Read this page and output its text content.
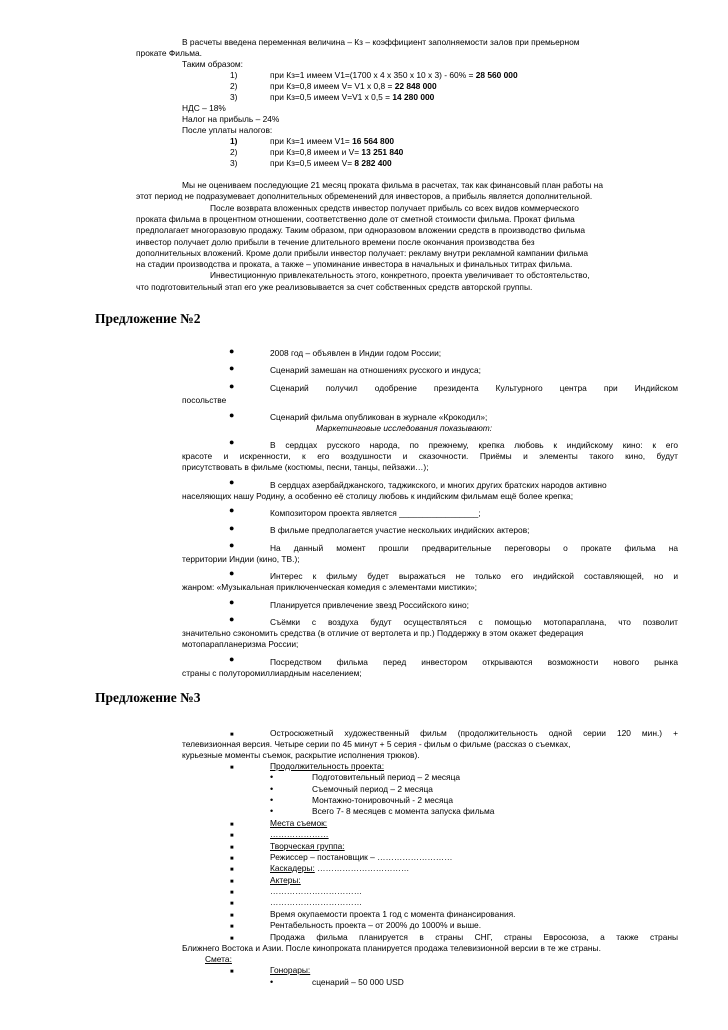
В расчеты введена переменная величина – Кз – коэффициент заполняемости залов при премьерном
прокате Фильма.
Таким образом:
1)	при Кз=1 имеем V1=(1700 х 4 х 350 х 10 х 3) - 60% = 28 560 000
2)	при Кз=0,8 имеем V= V1 х 0,8 = 22 848 000
3)	при Кз=0,5 имеем V=V1 х 0,5 = 14 280 000
НДС – 18%
Налог на прибыль – 24%
После уплаты налогов:
1)	при Кз=1 имеем V1= 16 564 800
2)	при Кз=0,8 имеем и V= 13 251 840
3)	при Кз=0,5 имеем V= 8 282 400
Мы не оцениваем последующие 21 месяц проката фильма в расчетах, так как финансовый план работы на
этот период не подразумевает дополнительных обременений для инвесторов, а прибыль является дополнительной.
После возврата вложенных средств инвестор получает прибыль со всех видов коммерческого
проката фильма в процентном отношении, соответственно доле от сметной стоимости фильма. Прокат фильма
предполагает многоразовую продажу. Таким образом, при одноразовом вложении средств в производство фильма
инвестор получает долю прибыли в течение длительного времени после окончания производства без
дополнительных вложений. Кроме доли прибыли инвестор получает: рекламу внутри рекламной кампании фильма
на стадии производства и проката, а также – упоминание инвестора в начальных и финальных титрах фильма.
Инвестиционную привлекательность этого, конкретного, проекта увеличивает то обстоятельство,
что подготовительный этап его уже реализовывается за счет собственных средств авторской группы.
Предложение №2
●	2008 год – объявлен в Индии годом России;
●	Сценарий замешан на отношениях русского и индуса;
●	Сценарий получил одобрение президента Культурного центра при Индийском
посольстве
●	Сценарий фильма опубликован в журнале «Крокодил»;
Маркетинговые исследования показывают:
●	В сердцах русского народа, по прежнему, крепка любовь к индийскому кино: к его
красоте и искренности, к его воздушности и сказочности. Приёмы и элементы такого кино, будут
присутствовать в фильме (костюмы, песни, танцы, пейзажи…);
●	В сердцах азербайджанского, таджикского, и многих других братских народов активно
населяющих нашу Родину, а особенно её столицу любовь к индийским фильмам ещё более крепка;
●	Композитором проекта является _________________;
●	В фильме предполагается участие нескольких индийских актеров;
●	На данный момент прошли предварительные переговоры о прокате фильма на
территории Индии (кино, ТВ.);
●	Интерес к фильму будет выражаться не только его индийской составляющей, но и
жанром: «Музыкальная приключенческая комедия с элементами мистики»;
●	Планируется привлечение звезд Российского кино;
●	Съёмки с воздуха будут осуществляться с помощью мотопараплана, что позволит
значительно сэкономить средства (в отличие от вертолета и пр.) Поддержку в этом окажет федерация
мотопарапланеризма России;
●	Посредством фильма перед инвестором открываются возможности нового рынка
страны с полуторомиллиардным населением;
Предложение №3
■	Остросюжетный художественный фильм (продолжительность одной серии 120 мин.) +
телевизионная версия. Четыре серии по 45 минут + 5 серия - фильм о фильме (рассказ о съемках,
курьезные моменты съемок, раскрытие исполнения трюков).
■	Продолжительность проекта:
•	Подготовительный период – 2 месяца
•	Съемочный период – 2 месяца
•	Монтажно-тонировочный - 2 месяца
•	Всего 7- 8 месяцев с момента запуска фильма
■	Места съемок:
■	…………………
■	Творческая группа:
■	Режиссер – постановщик – ………………………
■	Каскадеры: ……………………………
■	Актеры:
■	……………………………
■	……………………………
■	Время окупаемости проекта 1 год с момента финансирования.
■	Рентабельность проекта – от 200% до 1000% и выше.
■	Продажа фильма планируется в страны СНГ, страны Евросоюза, а также страны
Ближнего Востока и Азии. После кинопроката планируется продажа телевизионной версии в те же страны.
Смета:
■	Гонорары:
•	сценарий – 50 000 USD
